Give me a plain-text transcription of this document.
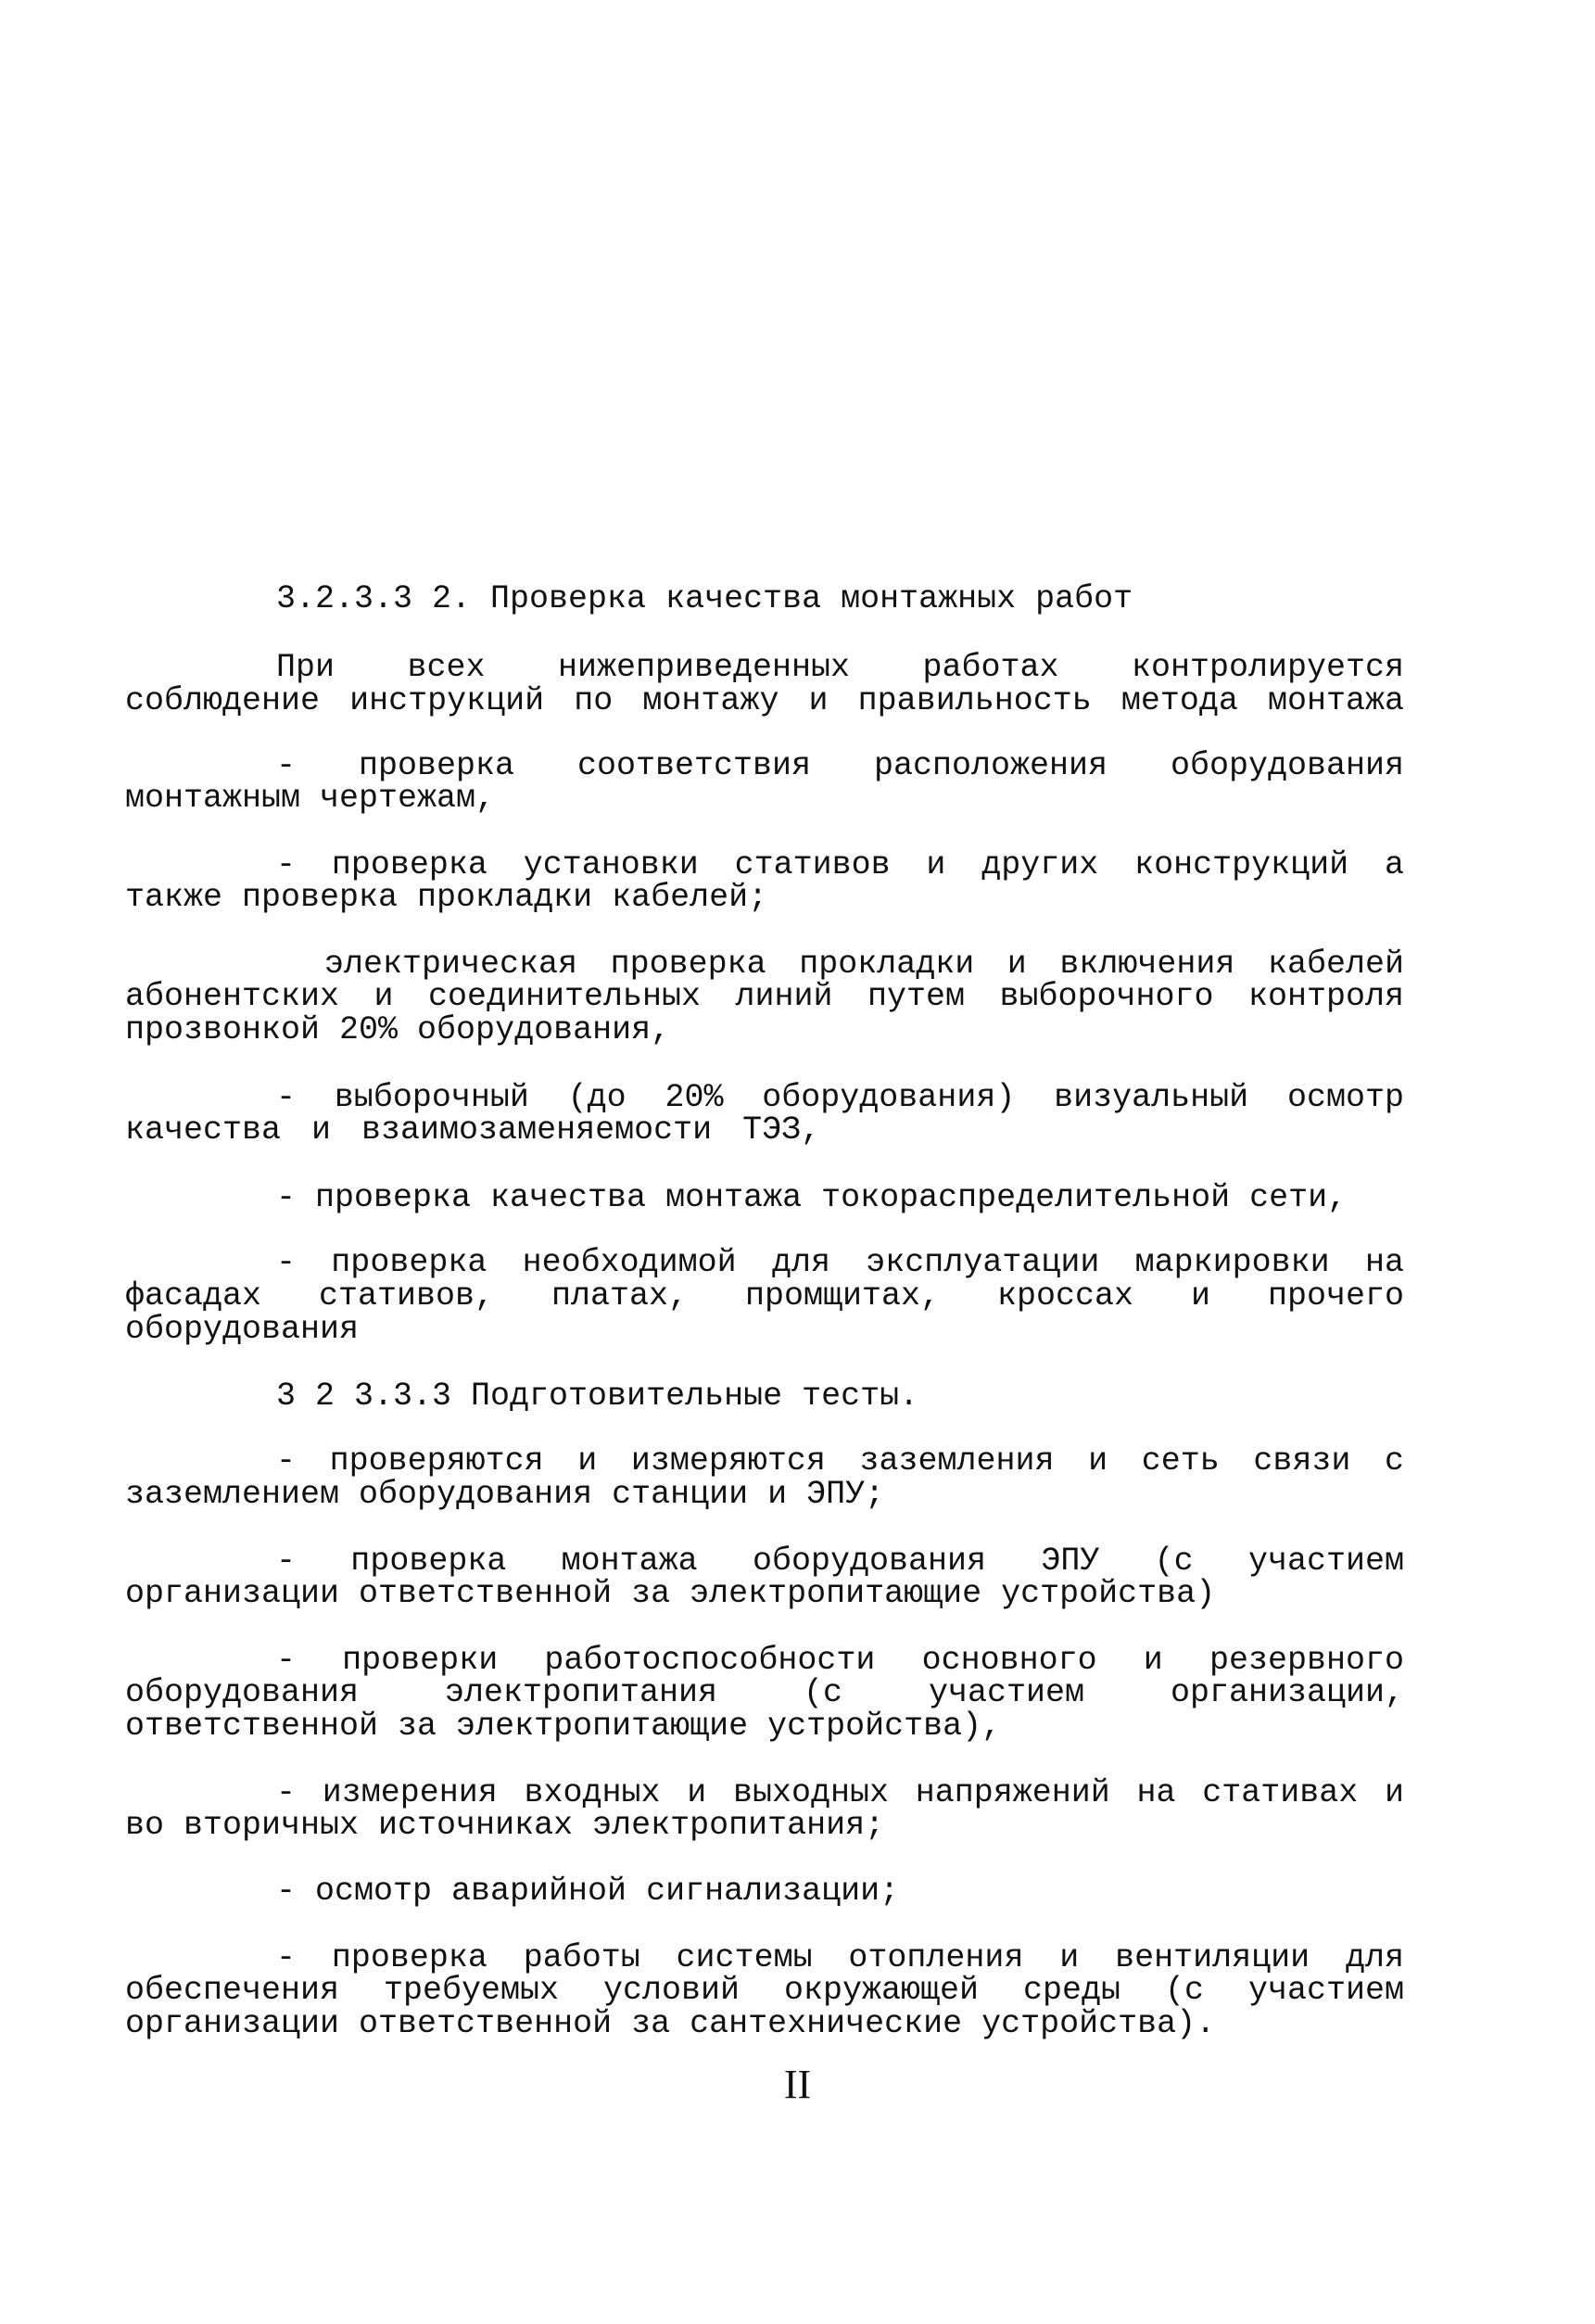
3.2.3.3 2. Проверка качества монтажных работ
При всех нижеприведенных работах контролируется
соблюдение инструкций по монтажу и правильность метода монтажа
- проверка соответствия расположения оборудования
монтажным чертежам,
- проверка установки стативов и других конструкций а
также проверка прокладки кабелей;
электрическая проверка прокладки и включения кабелей
абонентских и соединительных линий путем выборочного контроля
прозвонкой 20% оборудования,
- выборочный (до 20% оборудования) визуальный осмотр
качества и взаимозаменяемости ТЭЗ,
- проверка качества монтажа токораспределительной сети,
- проверка необходимой для эксплуатации маркировки на
фасадах стативов, платах, промщитах, кроссах и прочего
оборудования
3 2 3.3.3 Подготовительные тесты.
- проверяются и измеряются заземления и сеть связи с
заземлением оборудования станции и ЭПУ;
- проверка монтажа оборудования ЭПУ (с участием
организации ответственной за электропитающие устройства)
- проверки работоспособности основного и резервного
оборудования электропитания (с участием организации,
ответственной за электропитающие устройства),
- измерения входных и выходных напряжений на стативах и
во вторичных источниках электропитания;
- осмотр аварийной сигнализации;
- проверка работы системы отопления и вентиляции для
обеспечения требуемых условий окружающей среды (с участием
организации ответственной за сантехнические устройства).
II
